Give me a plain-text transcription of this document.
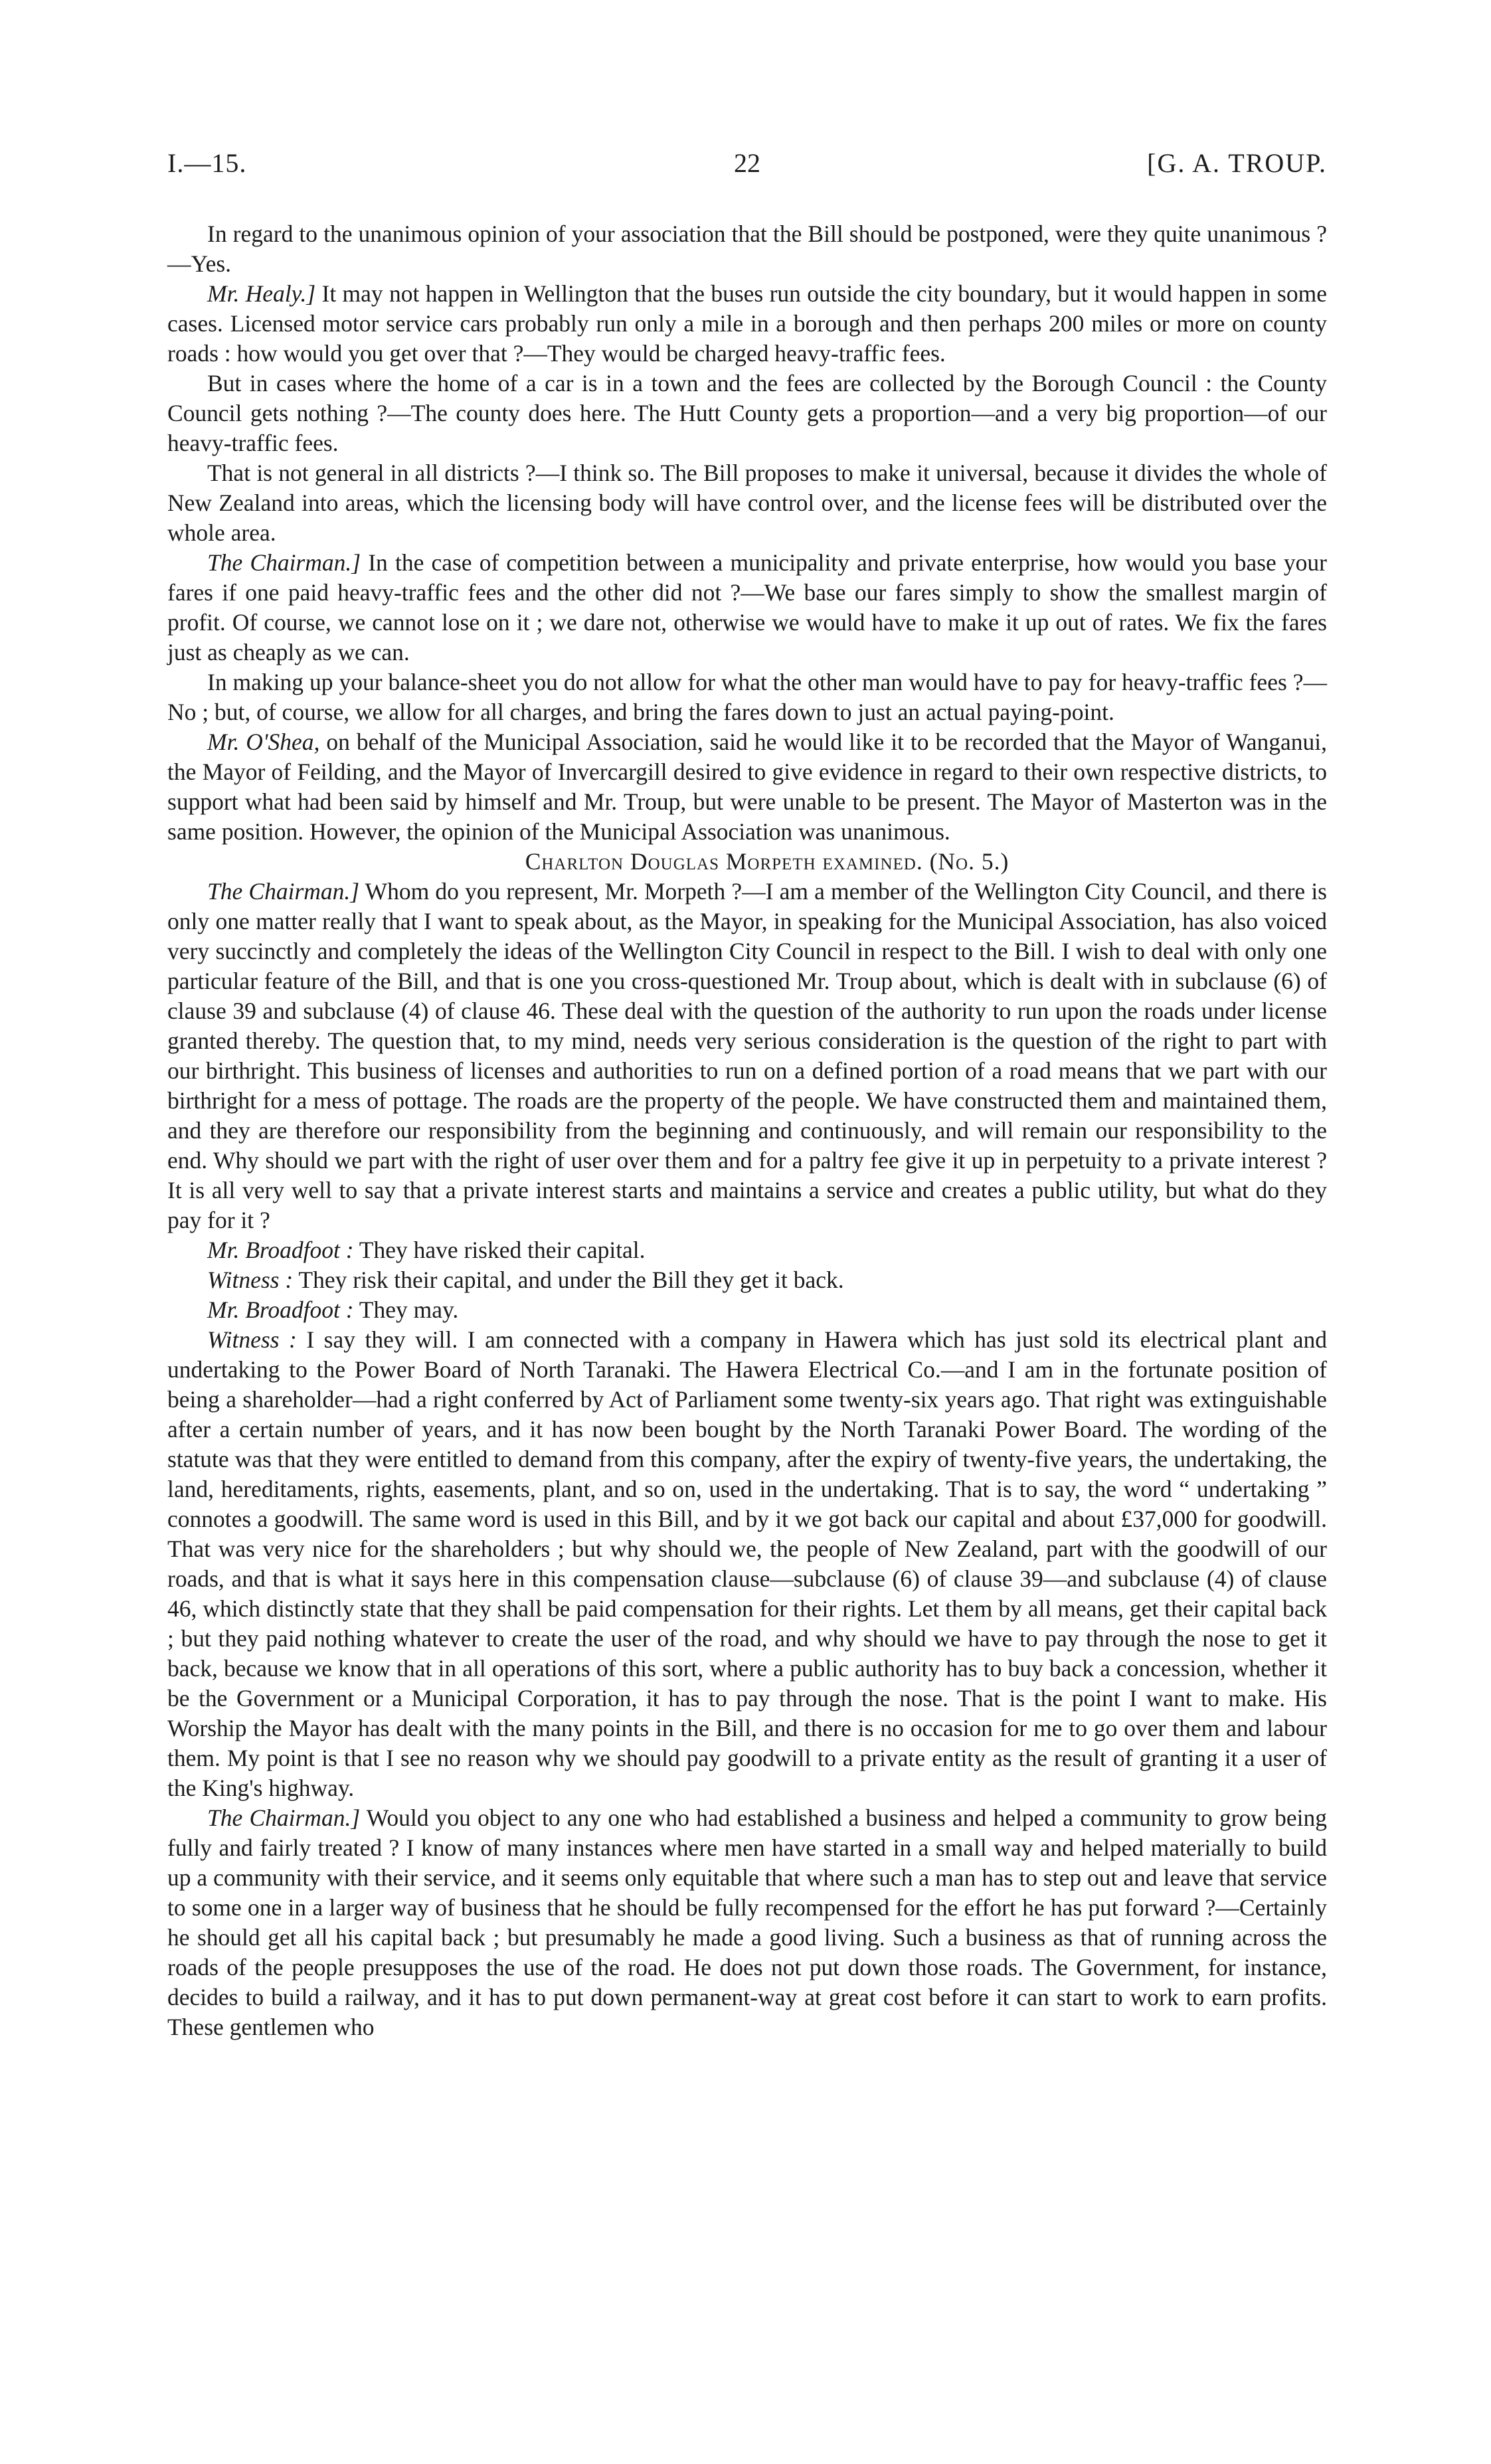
I.—15.	22	[G. A. TROUP.

In regard to the unanimous opinion of your association that the Bill should be postponed, were they quite unanimous ?—Yes.

Mr. Healy.] It may not happen in Wellington that the buses run outside the city boundary, but it would happen in some cases. Licensed motor service cars probably run only a mile in a borough and then perhaps 200 miles or more on county roads : how would you get over that ?—They would be charged heavy-traffic fees.

But in cases where the home of a car is in a town and the fees are collected by the Borough Council : the County Council gets nothing ?—The county does here. The Hutt County gets a proportion—and a very big proportion—of our heavy-traffic fees.

That is not general in all districts ?—I think so. The Bill proposes to make it universal, because it divides the whole of New Zealand into areas, which the licensing body will have control over, and the license fees will be distributed over the whole area.

The Chairman.] In the case of competition between a municipality and private enterprise, how would you base your fares if one paid heavy-traffic fees and the other did not ?—We base our fares simply to show the smallest margin of profit. Of course, we cannot lose on it ; we dare not, otherwise we would have to make it up out of rates. We fix the fares just as cheaply as we can.

In making up your balance-sheet you do not allow for what the other man would have to pay for heavy-traffic fees ?—No ; but, of course, we allow for all charges, and bring the fares down to just an actual paying-point.

Mr. O'Shea, on behalf of the Municipal Association, said he would like it to be recorded that the Mayor of Wanganui, the Mayor of Feilding, and the Mayor of Invercargill desired to give evidence in regard to their own respective districts, to support what had been said by himself and Mr. Troup, but were unable to be present. The Mayor of Masterton was in the same position. However, the opinion of the Municipal Association was unanimous.

Charlton Douglas Morpeth examined. (No. 5.)

The Chairman.] Whom do you represent, Mr. Morpeth ?—I am a member of the Wellington City Council, and there is only one matter really that I want to speak about, as the Mayor, in speaking for the Municipal Association, has also voiced very succinctly and completely the ideas of the Wellington City Council in respect to the Bill. I wish to deal with only one particular feature of the Bill, and that is one you cross-questioned Mr. Troup about, which is dealt with in subclause (6) of clause 39 and subclause (4) of clause 46. These deal with the question of the authority to run upon the roads under license granted thereby. The question that, to my mind, needs very serious consideration is the question of the right to part with our birthright. This business of licenses and authorities to run on a defined portion of a road means that we part with our birthright for a mess of pottage. The roads are the property of the people. We have constructed them and maintained them, and they are therefore our responsibility from the beginning and continuously, and will remain our responsibility to the end. Why should we part with the right of user over them and for a paltry fee give it up in perpetuity to a private interest ? It is all very well to say that a private interest starts and maintains a service and creates a public utility, but what do they pay for it ?

Mr. Broadfoot : They have risked their capital.

Witness : They risk their capital, and under the Bill they get it back.

Mr. Broadfoot : They may.

Witness : I say they will. I am connected with a company in Hawera which has just sold its electrical plant and undertaking to the Power Board of North Taranaki. The Hawera Electrical Co.—and I am in the fortunate position of being a shareholder—had a right conferred by Act of Parliament some twenty-six years ago. That right was extinguishable after a certain number of years, and it has now been bought by the North Taranaki Power Board. The wording of the statute was that they were entitled to demand from this company, after the expiry of twenty-five years, the undertaking, the land, hereditaments, rights, easements, plant, and so on, used in the undertaking. That is to say, the word “ undertaking ” connotes a goodwill. The same word is used in this Bill, and by it we got back our capital and about £37,000 for goodwill. That was very nice for the shareholders ; but why should we, the people of New Zealand, part with the goodwill of our roads, and that is what it says here in this compensation clause—subclause (6) of clause 39—and subclause (4) of clause 46, which distinctly state that they shall be paid compensation for their rights. Let them by all means, get their capital back ; but they paid nothing whatever to create the user of the road, and why should we have to pay through the nose to get it back, because we know that in all operations of this sort, where a public authority has to buy back a concession, whether it be the Government or a Municipal Corporation, it has to pay through the nose. That is the point I want to make. His Worship the Mayor has dealt with the many points in the Bill, and there is no occasion for me to go over them and labour them. My point is that I see no reason why we should pay goodwill to a private entity as the result of granting it a user of the King's highway.

The Chairman.] Would you object to any one who had established a business and helped a community to grow being fully and fairly treated ? I know of many instances where men have started in a small way and helped materially to build up a community with their service, and it seems only equitable that where such a man has to step out and leave that service to some one in a larger way of business that he should be fully recompensed for the effort he has put forward ?—Certainly he should get all his capital back ; but presumably he made a good living. Such a business as that of running across the roads of the people presupposes the use of the road. He does not put down those roads. The Government, for instance, decides to build a railway, and it has to put down permanent-way at great cost before it can start to work to earn profits. These gentlemen who
